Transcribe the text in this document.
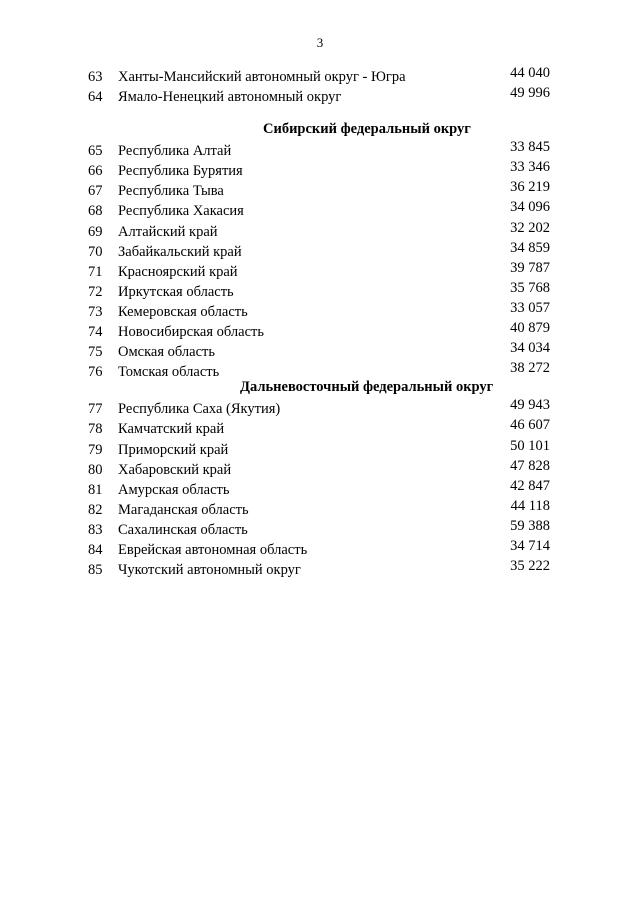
3
63	Ханты-Мансийский автономный округ - Югра	44 040
64	Ямало-Ненецкий автономный округ	49 996
Сибирский федеральный округ
65	Республика Алтай	33 845
66	Республика Бурятия	33 346
67	Республика Тыва	36 219
68	Республика Хакасия	34 096
69	Алтайский край	32 202
70	Забайкальский край	34 859
71	Красноярский край	39 787
72	Иркутская область	35 768
73	Кемеровская область	33 057
74	Новосибирская область	40 879
75	Омская область	34 034
76	Томская область	38 272
Дальневосточный федеральный округ
77	Республика Саха (Якутия)	49 943
78	Камчатский край	46 607
79	Приморский край	50 101
80	Хабаровский край	47 828
81	Амурская область	42 847
82	Магаданская область	44 118
83	Сахалинская область	59 388
84	Еврейская автономная область	34 714
85	Чукотский автономный округ	35 222
